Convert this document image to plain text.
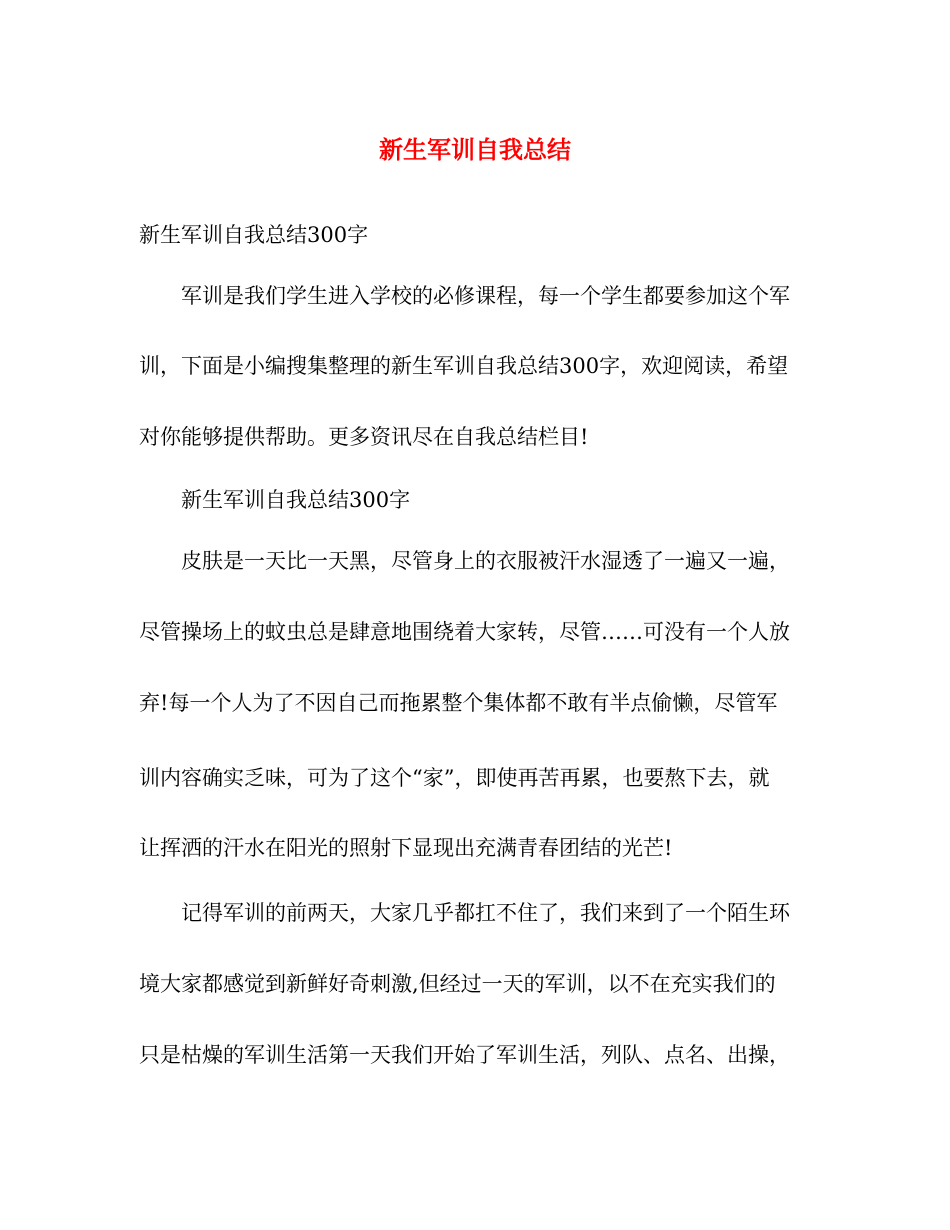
新生军训自我总结

新生军训自我总结300字

军训是我们学生进入学校的必修课程，每一个学生都要参加这个军

训，下面是小编搜集整理的新生军训自我总结300字，欢迎阅读，希望

对你能够提供帮助。更多资讯尽在自我总结栏目!

新生军训自我总结300字

皮肤是一天比一天黑，尽管身上的衣服被汗水湿透了一遍又一遍，

尽管操场上的蚊虫总是肆意地围绕着大家转，尽管……可没有一个人放

弃!每一个人为了不因自己而拖累整个集体都不敢有半点偷懒，尽管军

训内容确实乏味，可为了这个“家”，即使再苦再累，也要熬下去，就

让挥洒的汗水在阳光的照射下显现出充满青春团结的光芒!

记得军训的前两天，大家几乎都扛不住了，我们来到了一个陌生环

境大家都感觉到新鲜好奇刺激,但经过一天的军训，以不在充实我们的

只是枯燥的军训生活第一天我们开始了军训生活，列队、点名、出操，
